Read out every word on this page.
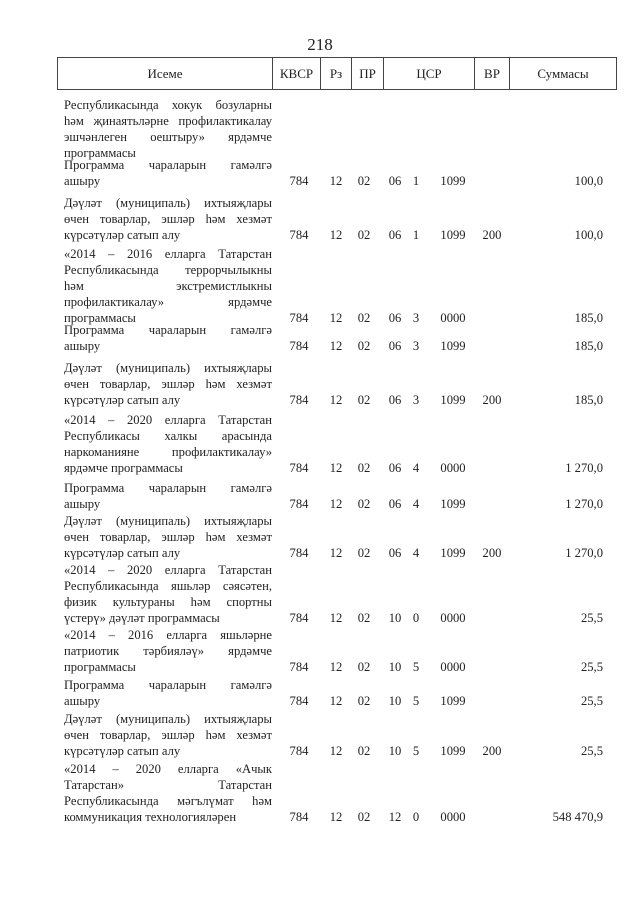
218
Исеме	КВСР	Рз	ПР	ЦСР	ВР	Суммасы
Республикасында хокук бозуларны
һәм җинаятьләрне профилактикалау
эшчәнлеген оештыру» ярдәмче
программасы
Программа чараларын гамәлгә
ашыру	784 12 02 06 1 1099	100,0
Дәүләт (муниципаль) ихтыяҗлары
өчен товарлар, эшләр һәм хезмәт
күрсәтүләр сатып алу	784 12 02 06 1 1099	200	100,0
«2014 – 2016 елларга Татарстан
Республикасында террорчылыкны
һәм экстремистлыкны
профилактикалау» ярдәмче
программасы	784 12 02 06 3 0000	185,0
Программа чараларын гамәлгә
ашыру	784 12 02 06 3 1099	185,0
Дәүләт (муниципаль) ихтыяҗлары
өчен товарлар, эшләр һәм хезмәт
күрсәтүләр сатып алу	784 12 02 06 3 1099	200	185,0
«2014 – 2020 елларга Татарстан
Республикасы халкы арасында
наркоманияне профилактикалау»
ярдәмче программасы	784 12 02 06 4 0000	1 270,0
Программа чараларын гамәлгә
ашыру	784 12 02 06 4 1099	1 270,0
Дәүләт (муниципаль) ихтыяҗлары
өчен товарлар, эшләр һәм хезмәт
күрсәтүләр сатып алу	784 12 02 06 4 1099	200	1 270,0
«2014 – 2020 елларга Татарстан
Республикасында яшьләр сәясәтен,
физик культураны һәм спортны
үстерү» дәүләт программасы	784 12 02 10 0 0000	25,5
«2014 – 2016 елларга яшьләрне
патриотик тәрбияләү» ярдәмче
программасы	784 12 02 10 5 0000	25,5
Программа чараларын гамәлгә
ашыру	784 12 02 10 5 1099	25,5
Дәүләт (муниципаль) ихтыяҗлары
өчен товарлар, эшләр һәм хезмәт
күрсәтүләр сатып алу	784 12 02 10 5 1099	200	25,5
«2014 – 2020 елларга «Ачык
Татарстан» Татарстан
Республикасында мәгълүмат һәм
коммуникация технологияләрен	784 12 02 12 0 0000	548 470,9
